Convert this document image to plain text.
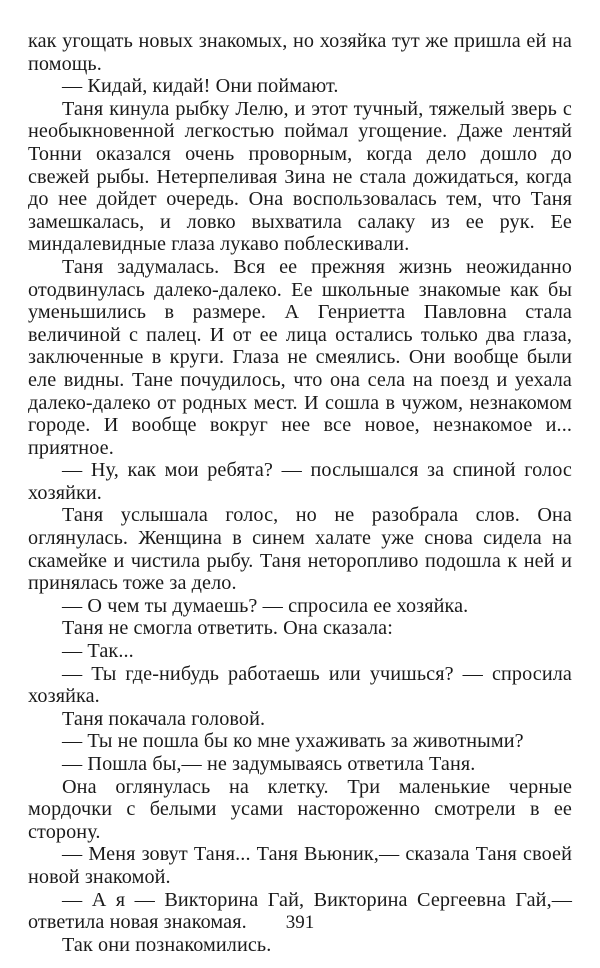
как угощать новых знакомых, но хозяйка тут же пришла ей на помощь.

— Кидай, кидай! Они поймают.

Таня кинула рыбку Лелю, и этот тучный, тяжелый зверь с необыкновенной легкостью поймал угощение. Даже лентяй Тонни оказался очень проворным, когда дело дошло до свежей рыбы. Нетерпеливая Зина не стала дожидаться, когда до нее дойдет очередь. Она воспользовалась тем, что Таня замешкалась, и ловко выхватила салаку из ее рук. Ее миндалевидные глаза лукаво поблескивали.

Таня задумалась. Вся ее прежняя жизнь неожиданно отодвинулась далеко-далеко. Ее школьные знакомые как бы уменьшились в размере. А Генриетта Павловна стала величиной с палец. И от ее лица остались только два глаза, заключенные в круги. Глаза не смеялись. Они вообще были еле видны. Тане почудилось, что она села на поезд и уехала далеко-далеко от родных мест. И сошла в чужом, незнакомом городе. И вообще вокруг нее все новое, незнакомое и... приятное.

— Ну, как мои ребята? — послышался за спиной голос хозяйки.

Таня услышала голос, но не разобрала слов. Она оглянулась. Женщина в синем халате уже снова сидела на скамейке и чистила рыбу. Таня неторопливо подошла к ней и принялась тоже за дело.

— О чем ты думаешь? — спросила ее хозяйка.

Таня не смогла ответить. Она сказала:

— Так...

— Ты где-нибудь работаешь или учишься? — спросила хозяйка.

Таня покачала головой.

— Ты не пошла бы ко мне ухаживать за животными?

— Пошла бы,— не задумываясь ответила Таня.

Она оглянулась на клетку. Три маленькие черные мордочки с белыми усами настороженно смотрели в ее сторону.

— Меня зовут Таня... Таня Вьюник,— сказала Таня своей новой знакомой.

— А я — Викторина Гай, Викторина Сергеевна Гай,— ответила новая знакомая.

Так они познакомились.

391
